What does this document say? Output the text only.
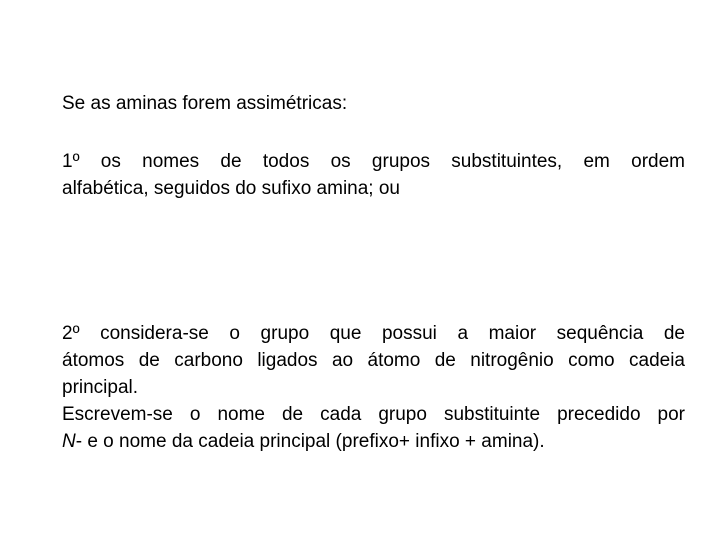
Se as aminas forem assimétricas:

1º os nomes de todos os grupos substituintes, em ordem
alfabética, seguidos do sufixo amina; ou

2º considera-se o grupo que possui a maior sequência de
átomos de carbono ligados ao átomo de nitrogênio como cadeia
principal.
Escrevem-se o nome de cada grupo substituinte precedido por
N- e o nome da cadeia principal (prefixo+ infixo + amina).
